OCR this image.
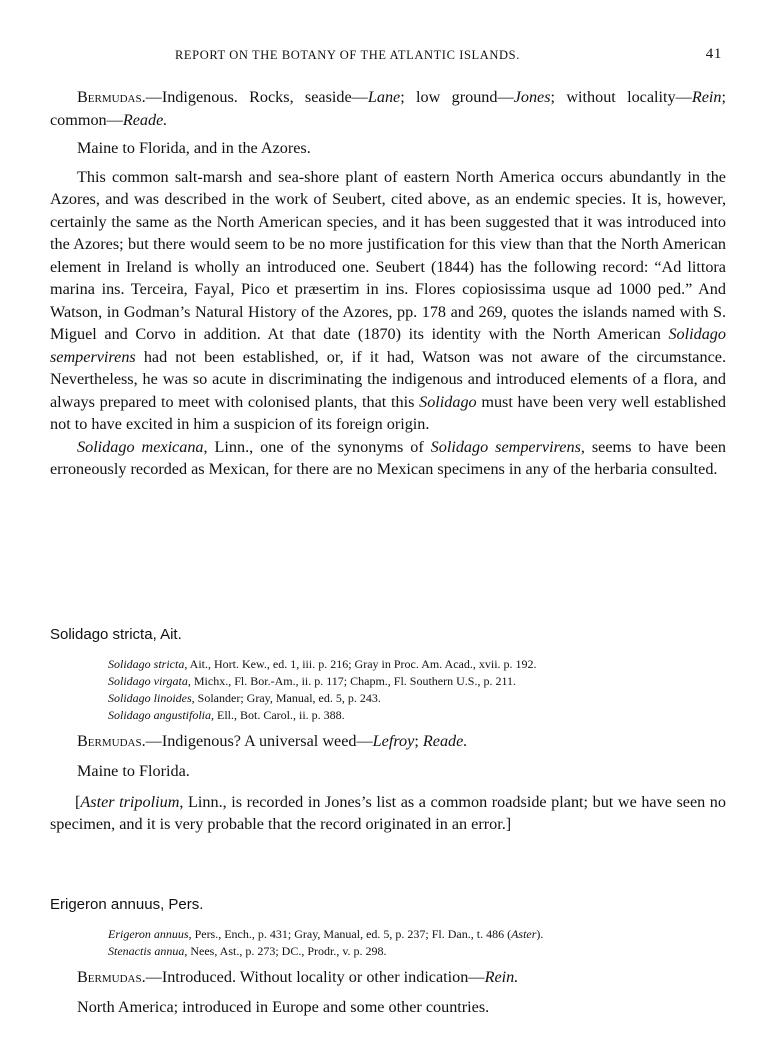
REPORT ON THE BOTANY OF THE ATLANTIC ISLANDS.	41

Bermudas.—Indigenous. Rocks, seaside—Lane; low ground—Jones; without locality—Rein; common—Reade.

Maine to Florida, and in the Azores.

This common salt-marsh and sea-shore plant of eastern North America occurs abundantly in the Azores, and was described in the work of Seubert, cited above, as an endemic species. It is, however, certainly the same as the North American species, and it has been suggested that it was introduced into the Azores; but there would seem to be no more justification for this view than that the North American element in Ireland is wholly an introduced one. Seubert (1844) has the following record: “Ad littora marina ins. Terceira, Fayal, Pico et præsertim in ins. Flores copiosissima usque ad 1000 ped.” And Watson, in Godman’s Natural History of the Azores, pp. 178 and 269, quotes the islands named with S. Miguel and Corvo in addition. At that date (1870) its identity with the North American Solidago sempervirens had not been established, or, if it had, Watson was not aware of the circumstance. Nevertheless, he was so acute in discriminating the indigenous and introduced elements of a flora, and always prepared to meet with colonised plants, that this Solidago must have been very well established not to have excited in him a suspicion of its foreign origin.

Solidago mexicana, Linn., one of the synonyms of Solidago sempervirens, seems to have been erroneously recorded as Mexican, for there are no Mexican specimens in any of the herbaria consulted.

Solidago stricta, Ait.

Solidago stricta, Ait., Hort. Kew., ed. 1, iii. p. 216; Gray in Proc. Am. Acad., xvii. p. 192.

Solidago virgata, Michx., Fl. Bor.-Am., ii. p. 117; Chapm., Fl. Southern U.S., p. 211.

Solidago linoides, Solander; Gray, Manual, ed. 5, p. 243.

Solidago angustifolia, Ell., Bot. Carol., ii. p. 388.

Bermudas.—Indigenous? A universal weed—Lefroy; Reade.

Maine to Florida.

[Aster tripolium, Linn., is recorded in Jones’s list as a common roadside plant; but we have seen no specimen, and it is very probable that the record originated in an error.]

Erigeron annuus, Pers.

Erigeron annuus, Pers., Ench., p. 431; Gray, Manual, ed. 5, p. 237; Fl. Dan., t. 486 (Aster).

Stenactis annua, Nees, Ast., p. 273; DC., Prodr., v. p. 298.

Bermudas.—Introduced. Without locality or other indication—Rein.

North America; introduced in Europe and some other countries.
